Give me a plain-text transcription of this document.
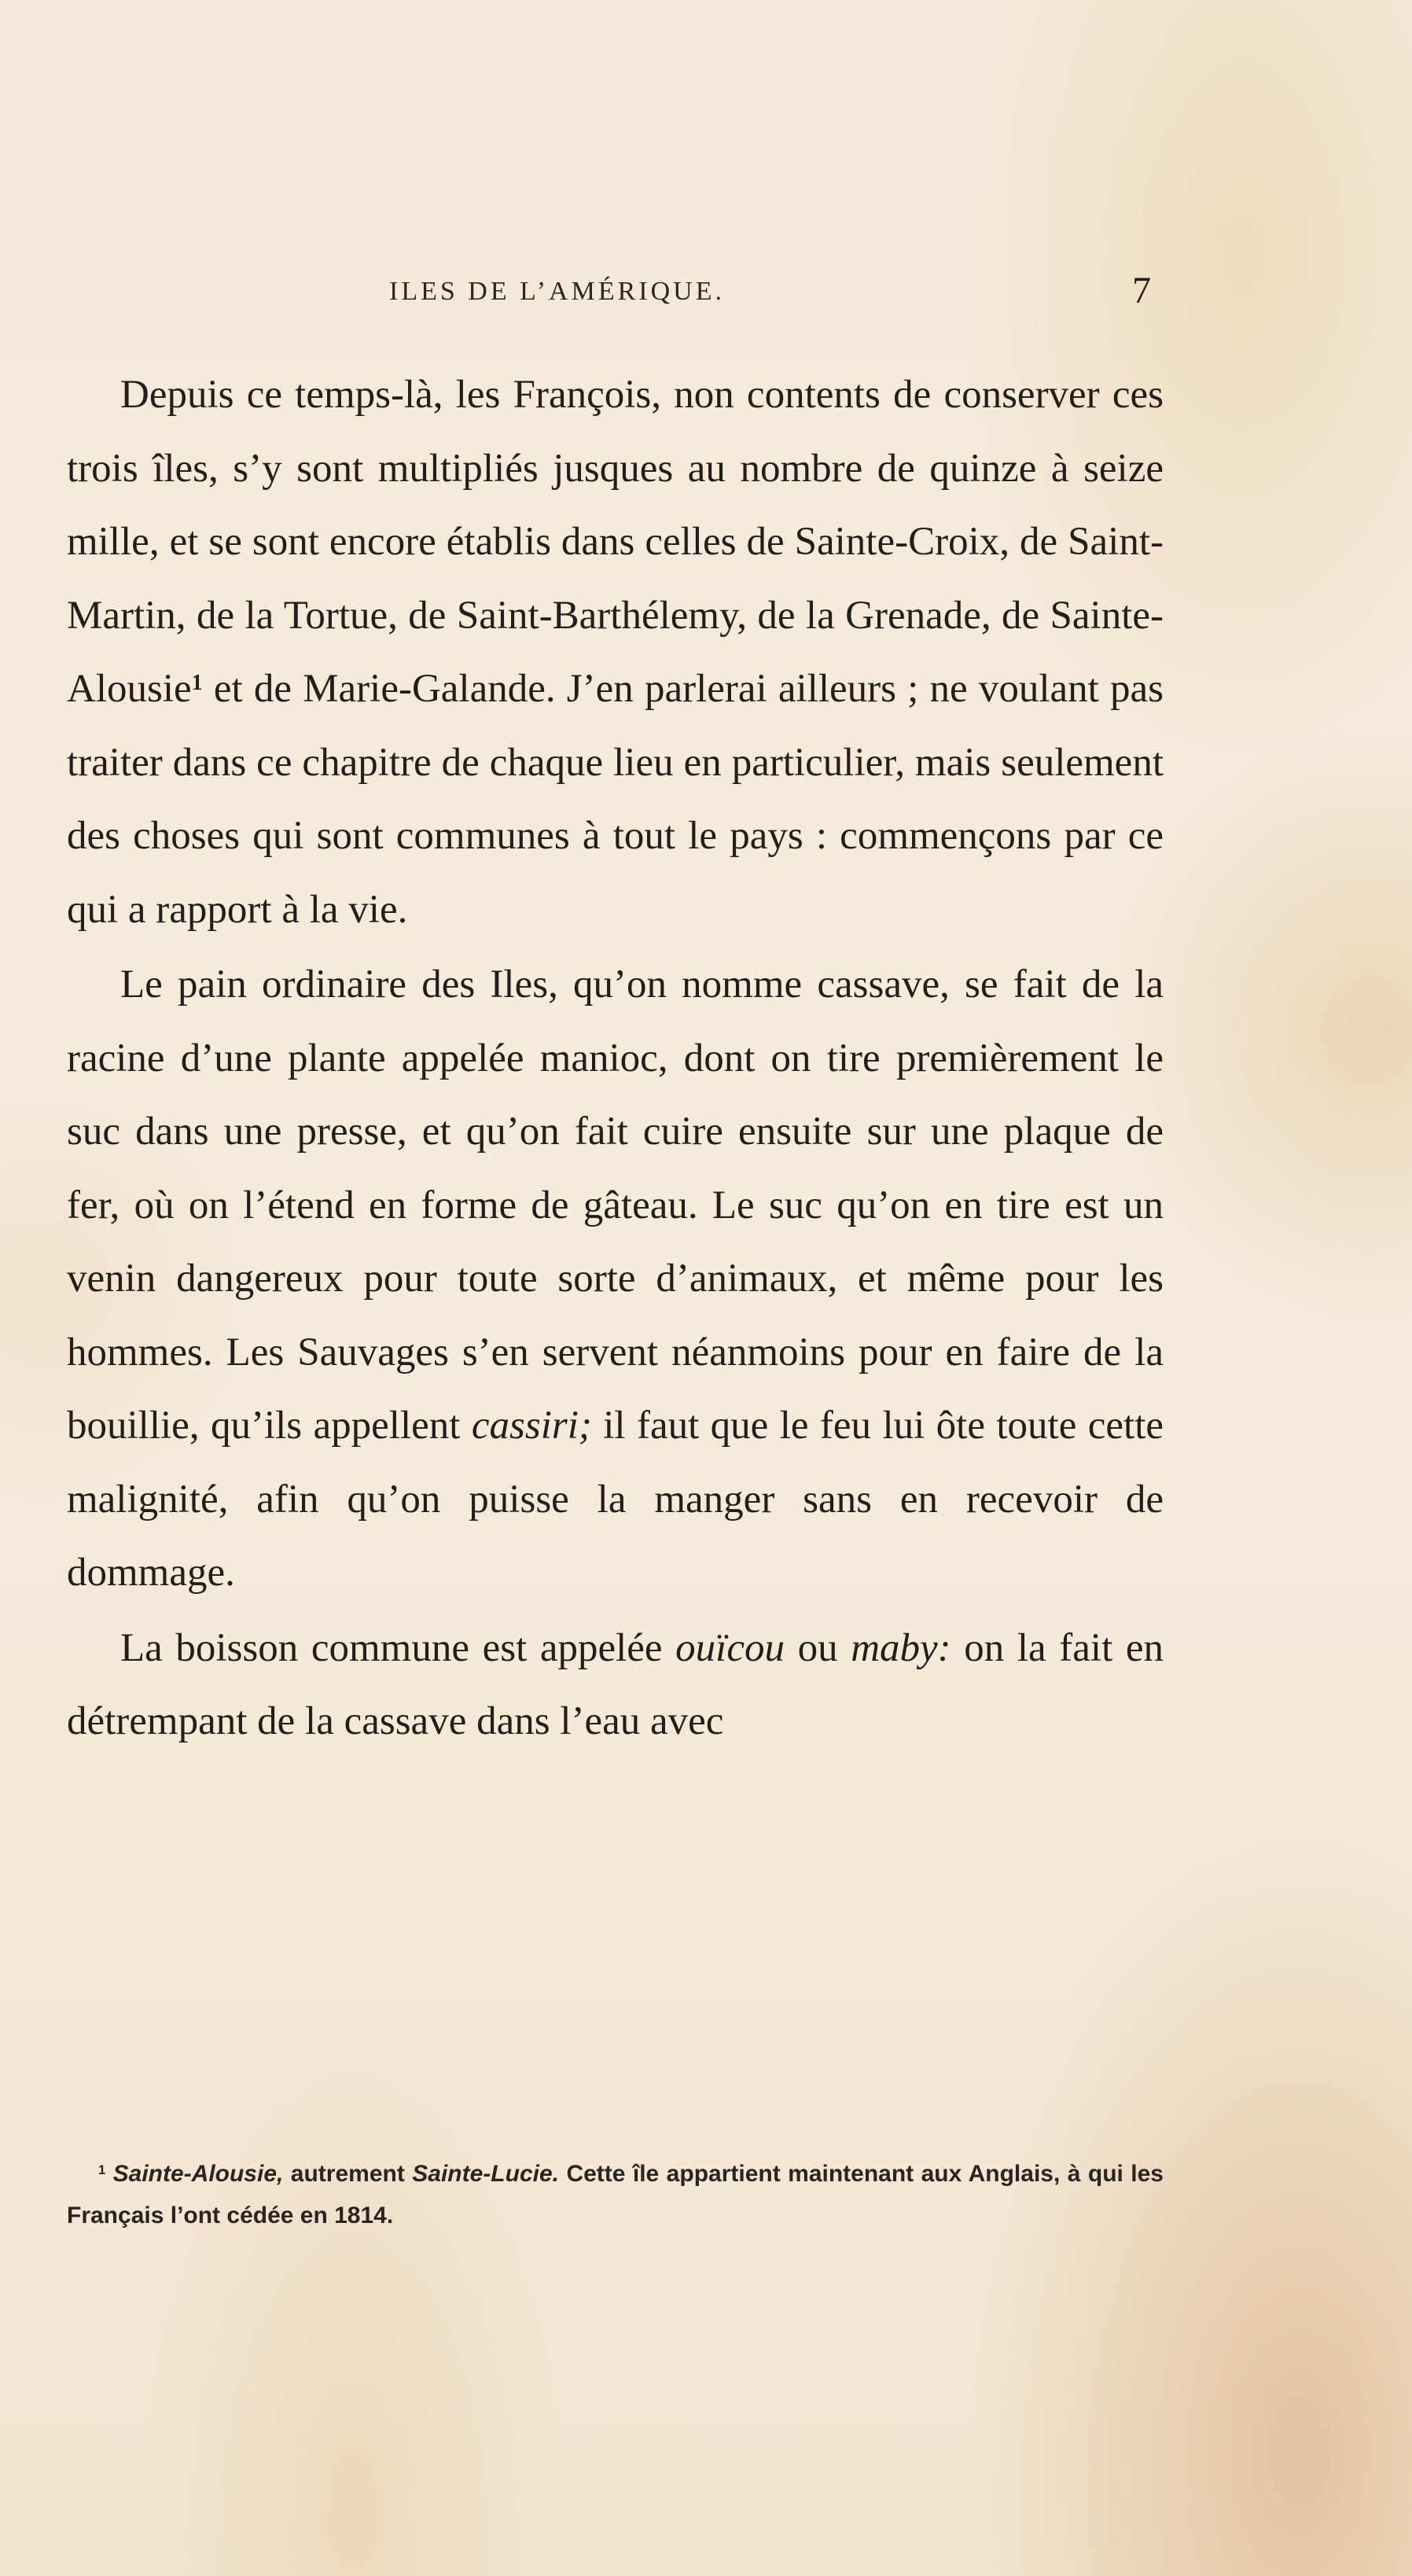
ILES DE L’AMÉRIQUE.	7

Depuis ce temps-là, les François, non contents de conserver ces trois îles, s’y sont multipliés jusques au nombre de quinze à seize mille, et se sont encore établis dans celles de Sainte-Croix, de Saint-Martin, de la Tortue, de Saint-Barthélemy, de la Grenade, de Sainte-Alousie$^1$ et de Marie-Galande. J’en parlerai ailleurs ; ne voulant pas traiter dans ce chapitre de chaque lieu en particulier, mais seulement des choses qui sont communes à tout le pays : commençons par ce qui a rapport à la vie.

Le pain ordinaire des Iles, qu’on nomme cassave, se fait de la racine d’une plante appelée manioc, dont on tire premièrement le suc dans une presse, et qu’on fait cuire ensuite sur une plaque de fer, où on l’étend en forme de gâteau. Le suc qu’on en tire est un venin dangereux pour toute sorte d’animaux, et même pour les hommes. Les Sauvages s’en servent néanmoins pour en faire de la bouillie, qu’ils appellent cassiri; il faut que le feu lui ôte toute cette malignité, afin qu’on puisse la manger sans en recevoir de dommage.

La boisson commune est appelée ouïcou ou maby: on la fait en détrempant de la cassave dans l’eau avec

$^1$ Sainte-Alousie, autrement Sainte-Lucie. Cette île appartient maintenant aux Anglais, à qui les Français l’ont cédée en 1814.
